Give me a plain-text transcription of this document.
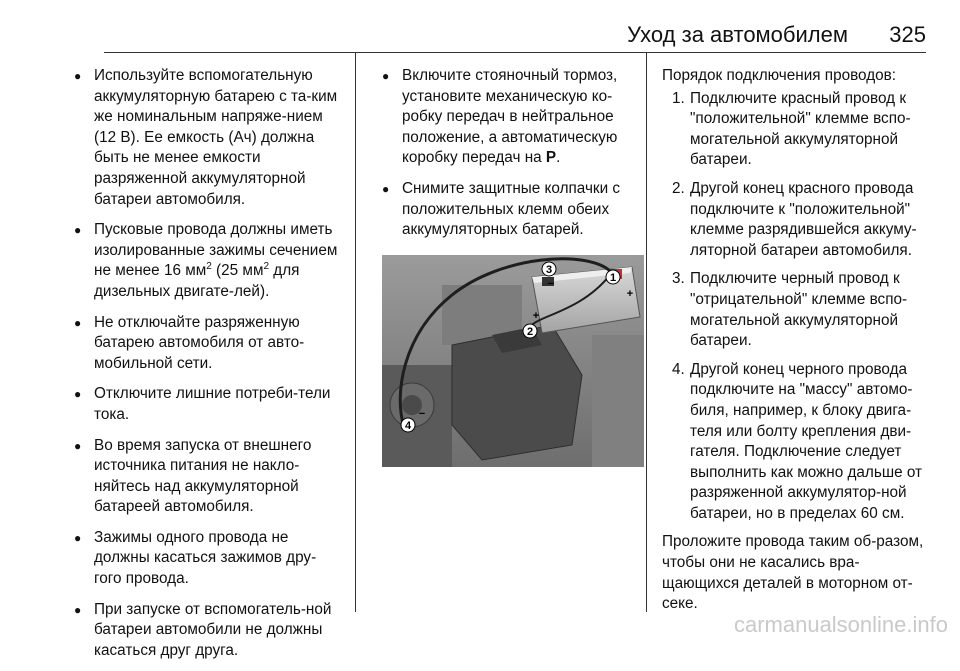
Уход за автомобилем 325
● Используйте вспомогательную аккумуляторную батарею с та-ким же номинальным напряже-нием (12 В). Ее емкость (Ач) должна быть не менее емкости разряженной аккумуляторной батареи автомобиля.
● Пусковые провода должны иметь изолированные зажимы сечением не менее 16 $мм^2$ (25 $мм^2$ для дизельных двигате-лей).
● Не отключайте разряженную батарею автомобиля от авто-мобильной сети.
● Отключите лишние потреби-тели тока.
● Во время запуска от внешнего источника питания не накло-няйтесь над аккумуляторной батареей автомобиля.
● Зажимы одного провода не должны касаться зажимов дру-гого провода.
● При запуске от вспомогатель-ной батареи автомобили не должны касаться друг друга.
● Включите стояночный тормоз, установите механическую ко-робку передач в нейтральное положение, а автоматическую коробку передач на P.
● Снимите защитные колпачки с положительных клемм обеих аккумуляторных батарей.
1
+
2
+
3
−
4
−

Порядок подключения проводов:

1. Подключите красный провод к "положительной" клемме вспо-могательной аккумуляторной батареи.
2. Другой конец красного провода подключите к "положительной" клемме разрядившейся аккуму-ляторной батареи автомобиля.
3. Подключите черный провод к "отрицательной" клемме вспо-могательной аккумуляторной батареи.
4. Другой конец черного провода подключите на "массу" автомо-биля, например, к блоку двига-теля или болту крепления дви-гателя. Подключение следует выполнить как можно дальше от разряженной аккумулятор-ной батареи, но в пределах 60 см.

Проложите провода таким об-разом, чтобы они не касались вра-щающихся деталей в моторном от-секе.

carmanualsonline.info
